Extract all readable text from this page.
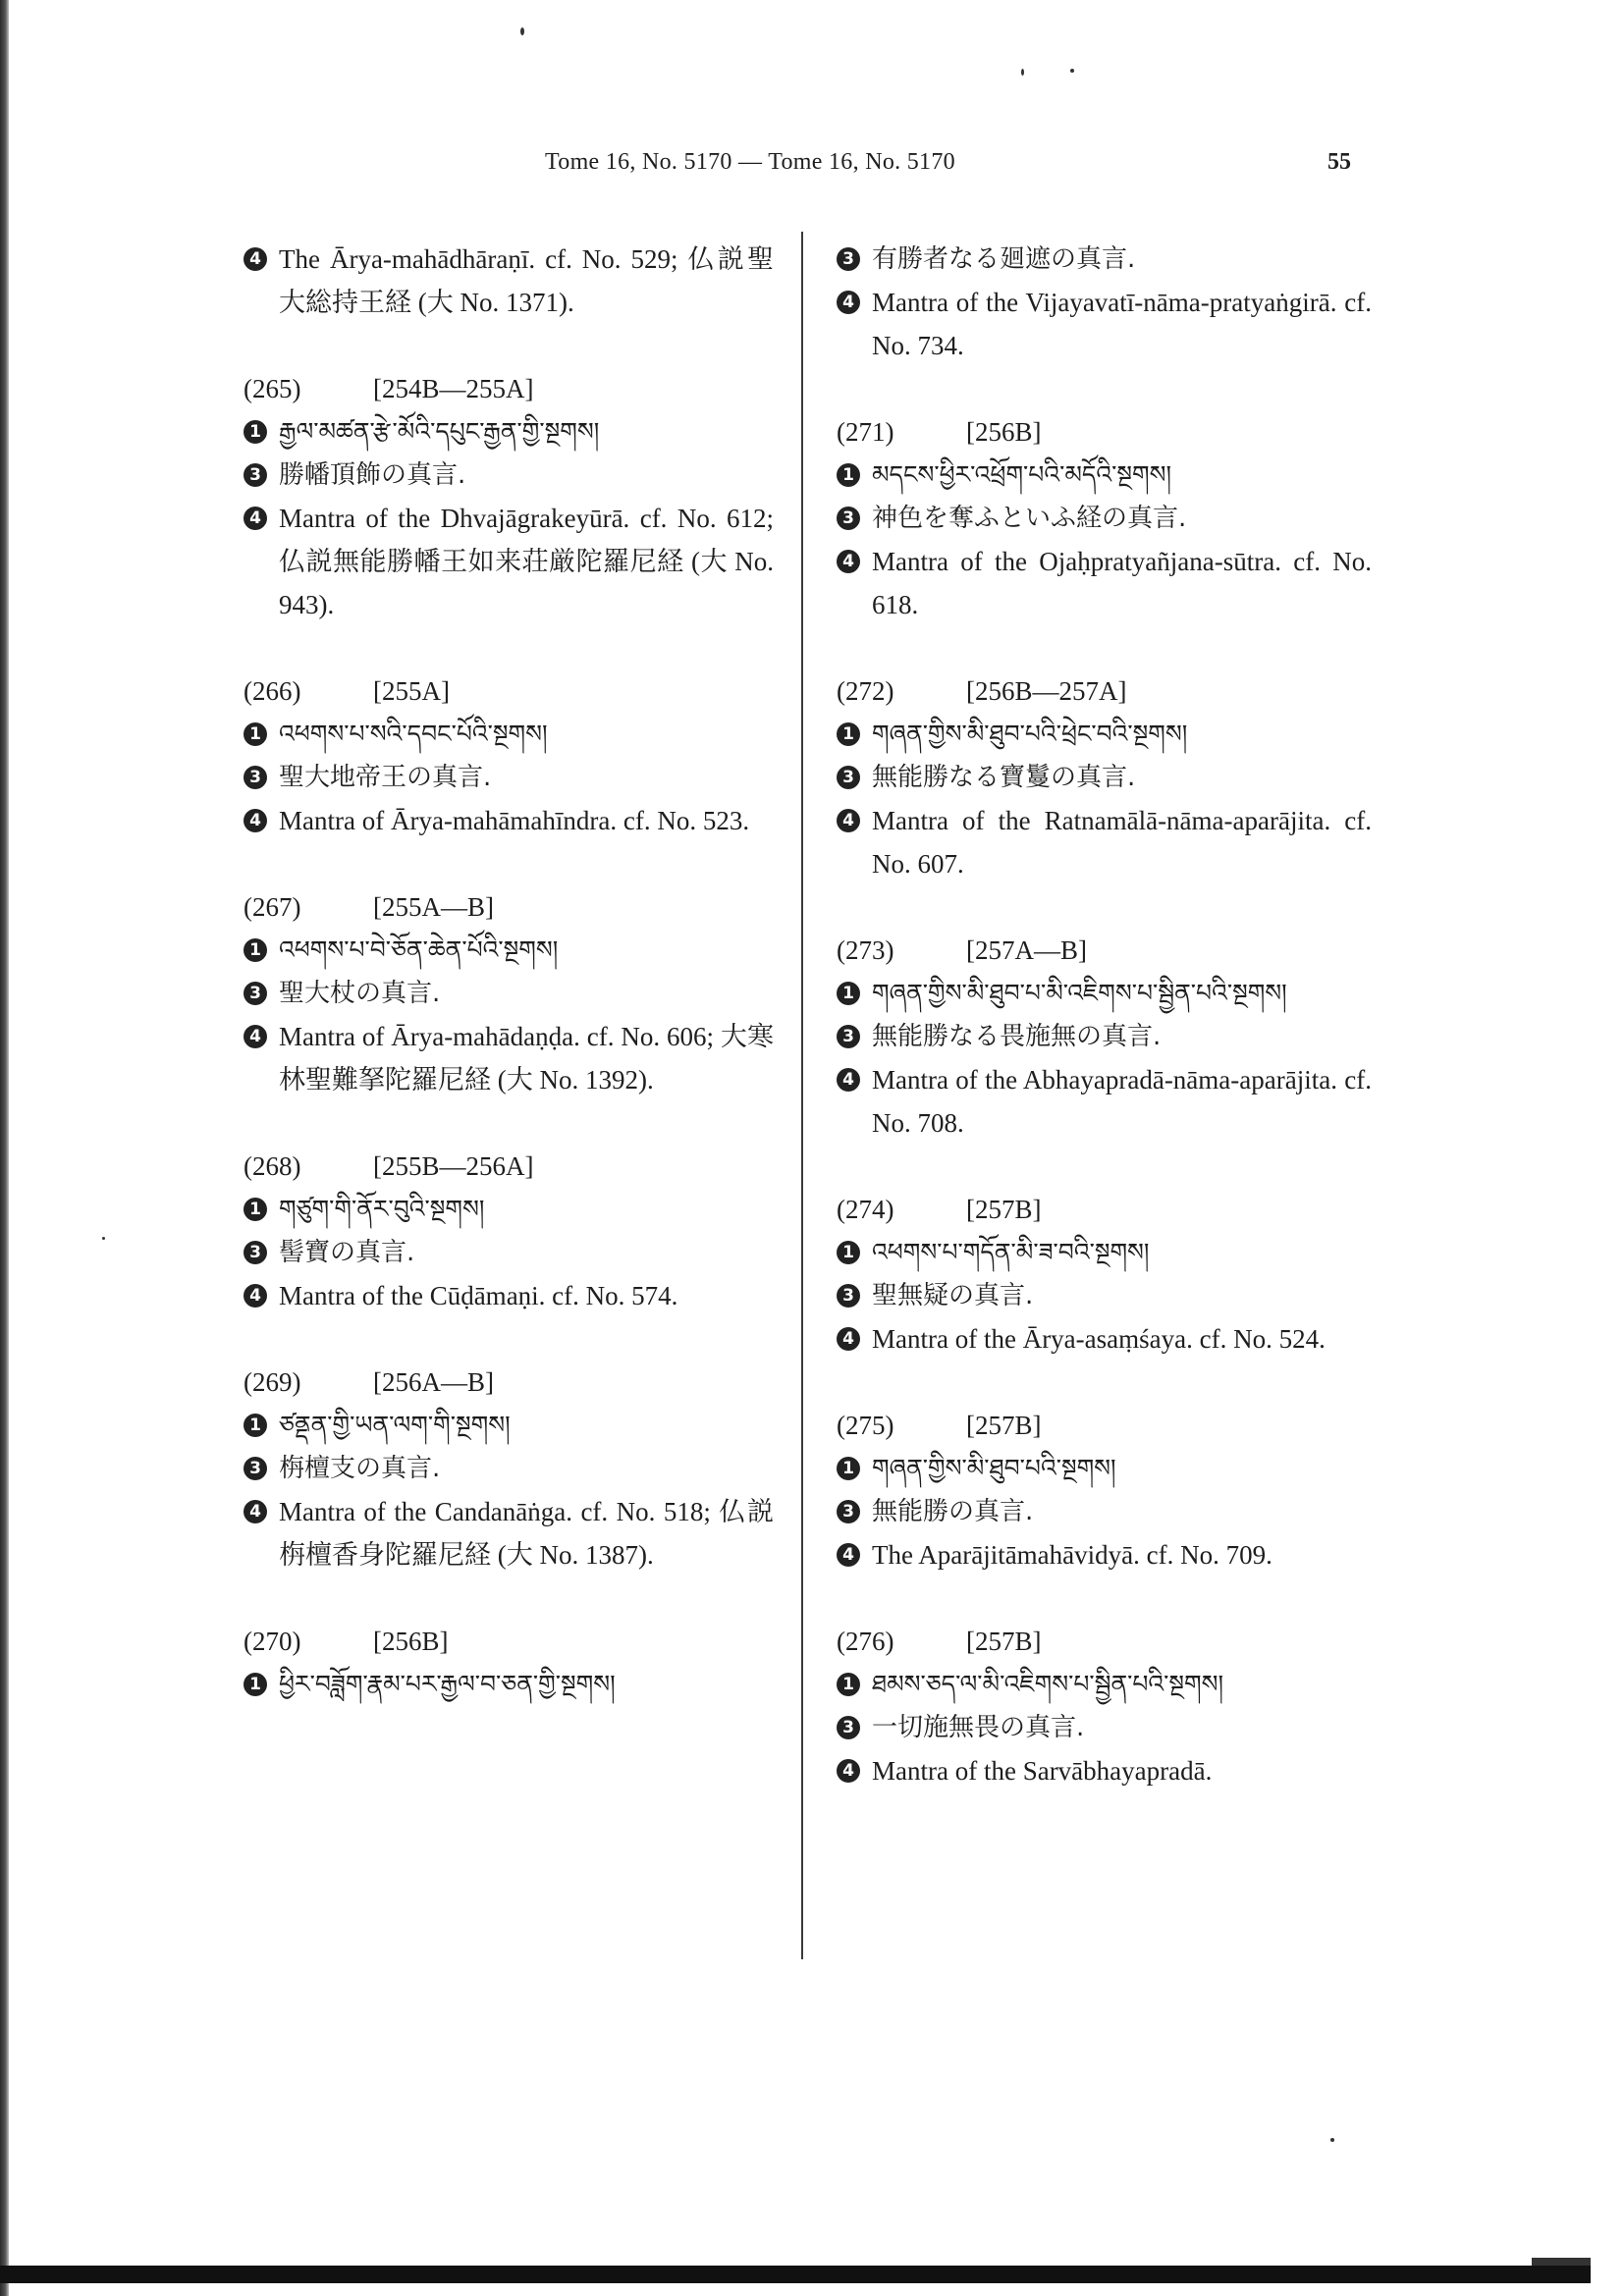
Tome 16, No. 5170 — Tome 16, No. 5170	55
4 The Ārya-mahādhāraṇī. cf. No. 529; 仏説聖大総持王経 (大 No. 1371).
(265)	[254B—255A]
1 རྒྱལ་མཚན་རྩེ་མོའི་དཔུང་རྒྱན་གྱི་སྔགས།
3 勝幡頂飾の真言.
4 Mantra of the Dhvajāgrakeyūrā. cf. No. 612; 仏説無能勝幡王如来荘厳陀羅尼経 (大 No. 943).
(266)	[255A]
1 འཕགས་པ་སའི་དབང་པོའི་སྔགས།
3 聖大地帝王の真言.
4 Mantra of Ārya-mahāmahīndra. cf. No. 523.
(267)	[255A—B]
1 འཕགས་པ་བེ་ཅོན་ཆེན་པོའི་སྔགས།
3 聖大杖の真言.
4 Mantra of Ārya-mahādaṇḍa. cf. No. 606; 大寒林聖難拏陀羅尼経 (大 No. 1392).
(268)	[255B—256A]
1 གཙུག་གི་ནོར་བུའི་སྔགས།
3 髻寶の真言.
4 Mantra of the Cūḍāmaṇi. cf. No. 574.
(269)	[256A—B]
1 ཙནྡན་གྱི་ཡན་ལག་གི་སྔགས།
3 栴檀支の真言.
4 Mantra of the Candanāṅga. cf. No. 518; 仏説栴檀香身陀羅尼経 (大 No. 1387).
(270)	[256B]
1 ཕྱིར་བཟློག་རྣམ་པར་རྒྱལ་བ་ཅན་གྱི་སྔགས།
3 有勝者なる廻遮の真言.
4 Mantra of the Vijayavatī-nāma-pratyaṅgirā. cf. No. 734.
(271)	[256B]
1 མདངས་ཕྱིར་འཕྲོག་པའི་མདོའི་སྔགས།
3 神色を奪ふといふ経の真言.
4 Mantra of the Ojaḥpratyañjana-sūtra. cf. No. 618.
(272)	[256B—257A]
1 གཞན་གྱིས་མི་ཐུབ་པའི་ཕྲེང་བའི་སྔགས།
3 無能勝なる寶鬘の真言.
4 Mantra of the Ratnamālā-nāma-aparājita. cf. No. 607.
(273)	[257A—B]
1 གཞན་གྱིས་མི་ཐུབ་པ་མི་འཇིགས་པ་སྦྱིན་པའི་སྔགས།
3 無能勝なる畏施無の真言.
4 Mantra of the Abhayapradā-nāma-aparājita. cf. No. 708.
(274)	[257B]
1 འཕགས་པ་གདོན་མི་ཟ་བའི་སྔགས།
3 聖無疑の真言.
4 Mantra of the Ārya-asaṃśaya. cf. No. 524.
(275)	[257B]
1 གཞན་གྱིས་མི་ཐུབ་པའི་སྔགས།
3 無能勝の真言.
4 The Aparājitāmahāvidyā. cf. No. 709.
(276)	[257B]
1 ཐམས་ཅད་ལ་མི་འཇིགས་པ་སྦྱིན་པའི་སྔགས།
3 一切施無畏の真言.
4 Mantra of the Sarvābhayapradā.
